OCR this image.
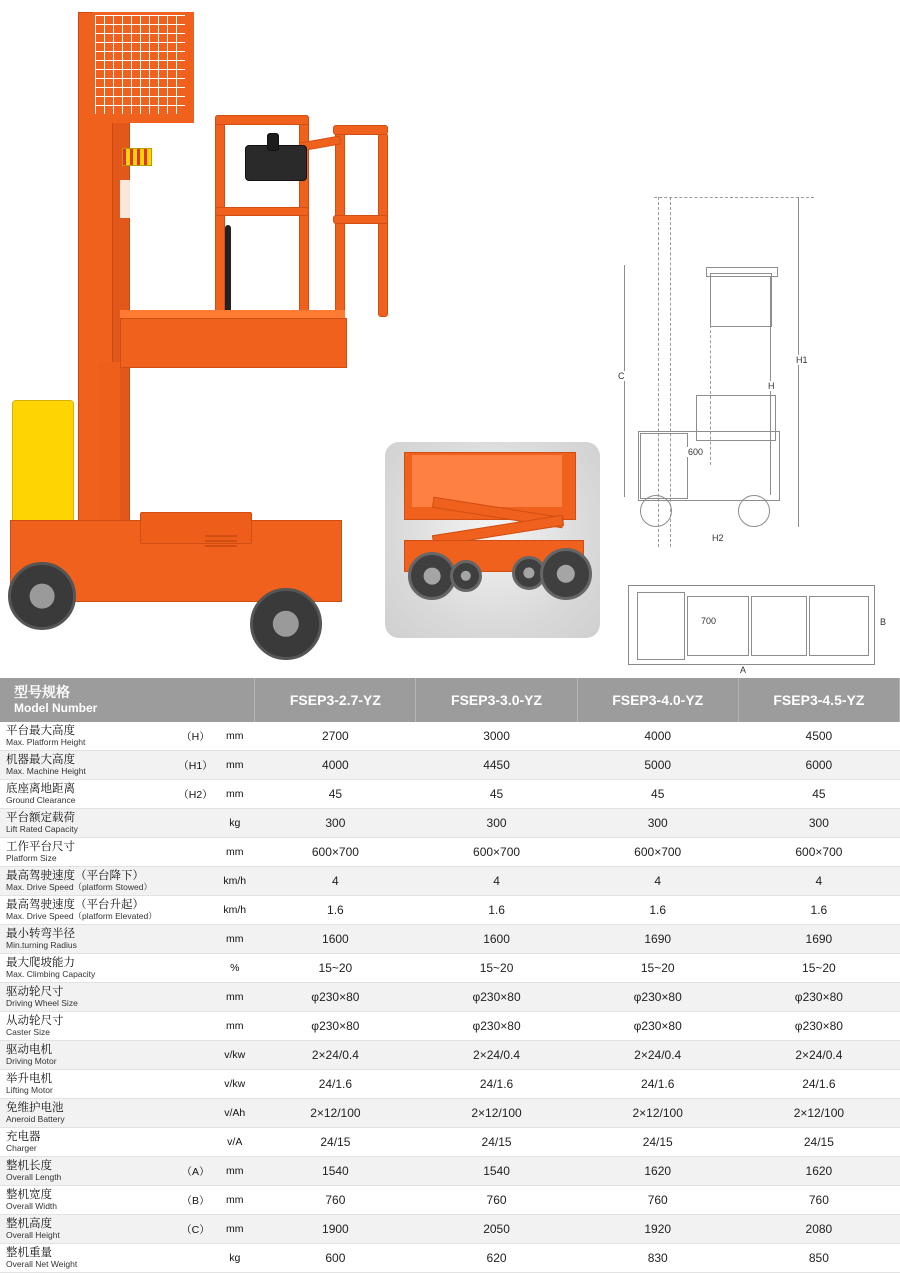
H1
H
C
H2
600
700	B
A
型号规格
Model Number			FSEP3-2.7-YZ	FSEP3-3.0-YZ	FSEP3-4.0-YZ	FSEP3-4.5-YZ

平台最大高度
Max. Platform Height	（H）	mm	2700	3000	4000	4500

机器最大高度
Max. Machine Height	（H1）	mm	4000	4450	5000	6000

底座离地距离
Ground Clearance	（H2）	mm	45	45	45	45

平台额定载荷
Lift Rated Capacity		kg	300	300	300	300

工作平台尺寸
Platform Size		mm	600×700	600×700	600×700	600×700

最高驾驶速度（平台降下）
Max. Drive Speed（platform Stowed）		km/h	4	4	4	4

最高驾驶速度（平台升起）
Max. Drive Speed（platform Elevated）		km/h	1.6	1.6	1.6	1.6

最小转弯半径
Min.turning Radius		mm	1600	1600	1690	1690

最大爬坡能力
Max. Climbing Capacity		%	15~20	15~20	15~20	15~20

驱动轮尺寸
Driving Wheel Size		mm	φ230×80	φ230×80	φ230×80	φ230×80

从动轮尺寸
Caster Size		mm	φ230×80	φ230×80	φ230×80	φ230×80

驱动电机
Driving Motor		v/kw	2×24/0.4	2×24/0.4	2×24/0.4	2×24/0.4

举升电机
Lifting Motor		v/kw	24/1.6	24/1.6	24/1.6	24/1.6

免维护电池
Aneroid Battery		v/Ah	2×12/100	2×12/100	2×12/100	2×12/100

充电器
Charger		v/A	24/15	24/15	24/15	24/15

整机长度
Overall Length	（A）	mm	1540	1540	1620	1620

整机宽度
Overall Width	（B）	mm	760	760	760	760

整机高度
Overall Height	（C）	mm	1900	2050	1920	2080

整机重量
Overall Net Weight		kg	600	620	830	850
